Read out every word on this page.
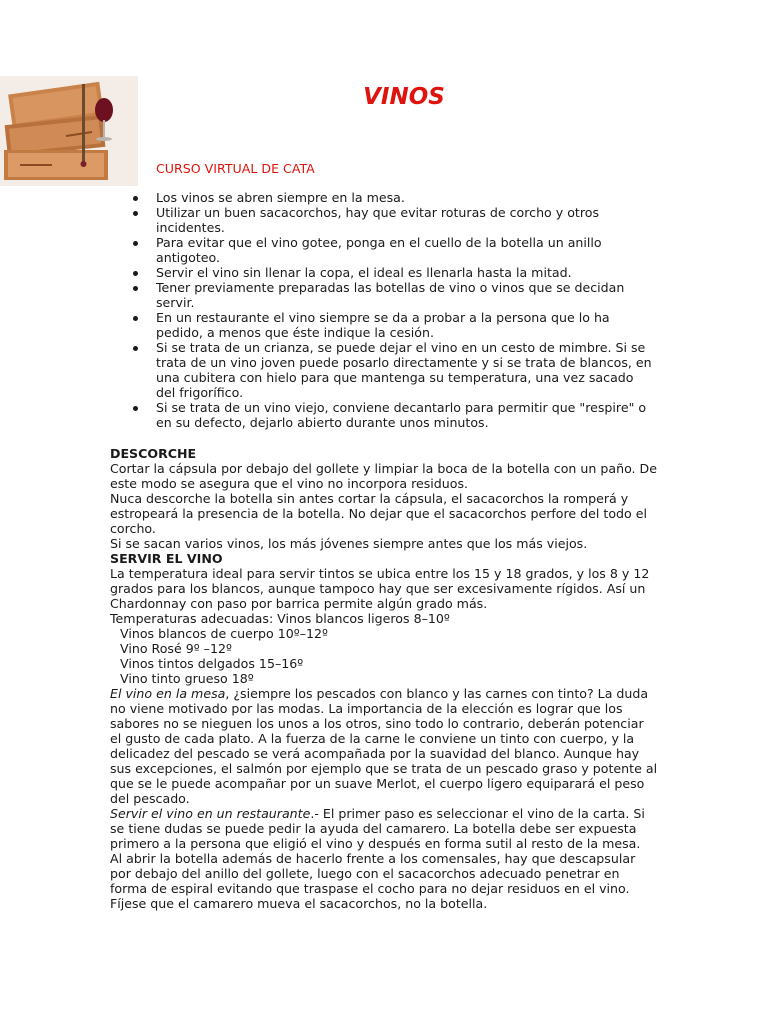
VINOS
CURSO VIRTUAL DE CATA
Los vinos se abren siempre en la mesa.
Utilizar un buen sacacorchos, hay que evitar roturas de corcho y otros incidentes.
Para evitar que el vino gotee, ponga en el cuello de la botella un anillo antigoteo.
Servir el vino sin llenar la copa, el ideal es llenarla hasta la mitad.
Tener previamente preparadas las botellas de vino o vinos que se decidan servir.
En un restaurante el vino siempre se da a probar a la persona que lo ha pedido, a menos que éste indique la cesión.
Si se trata de un crianza, se puede dejar el vino en un cesto de mimbre. Si se trata de un vino joven puede posarlo directamente y si se trata de blancos, en una cubitera con hielo para que mantenga su temperatura, una vez sacado del frigorífico.
Si se trata de un vino viejo, conviene decantarlo para permitir que "respire" o en su defecto, dejarlo abierto durante unos minutos.

DESCORCHE

Cortar la cápsula por debajo del gollete y limpiar la boca de la botella con un paño. De este modo se asegura que el vino no incorpora residuos.

Nuca descorche la botella sin antes cortar la cápsula, el sacacorchos la romperá y estropeará la presencia de la botella. No dejar que el sacacorchos perfore del todo el corcho.

Si se sacan varios vinos, los más jóvenes siempre antes que los más viejos.

SERVIR EL VINO

La temperatura ideal para servir tintos se ubica entre los 15 y 18 grados, y los 8 y 12 grados para los blancos, aunque tampoco hay que ser excesivamente rígidos. Así un Chardonnay con paso por barrica permite algún grado más.

Temperaturas adecuadas: Vinos blancos ligeros 8–10º

Vinos blancos de cuerpo 10º–12º

Vino Rosé 9º –12º

Vinos tintos delgados 15–16º

Vino tinto grueso 18º

El vino en la mesa, ¿siempre los pescados con blanco y las carnes con tinto? La duda no viene motivado por las modas. La importancia de la elección es lograr que los sabores no se nieguen los unos a los otros, sino todo lo contrario, deberán potenciar el gusto de cada plato. A la fuerza de la carne le conviene un tinto con cuerpo, y la delicadez del pescado se verá acompañada por la suavidad del blanco. Aunque hay sus excepciones, el salmón por ejemplo que se trata de un pescado graso y potente al que se le puede acompañar por un suave Merlot, el cuerpo ligero equiparará el peso del pescado.

Servir el vino en un restaurante.- El primer paso es seleccionar el vino de la carta. Si se tiene dudas se puede pedir la ayuda del camarero. La botella debe ser expuesta primero a la persona que eligió el vino y después en forma sutil al resto de la mesa.

Al abrir la botella además de hacerlo frente a los comensales, hay que descapsular por debajo del anillo del gollete, luego con el sacacorchos adecuado penetrar en forma de espiral evitando que traspase el cocho para no dejar residuos en el vino. Fíjese que el camarero mueva el sacacorchos, no la botella.
